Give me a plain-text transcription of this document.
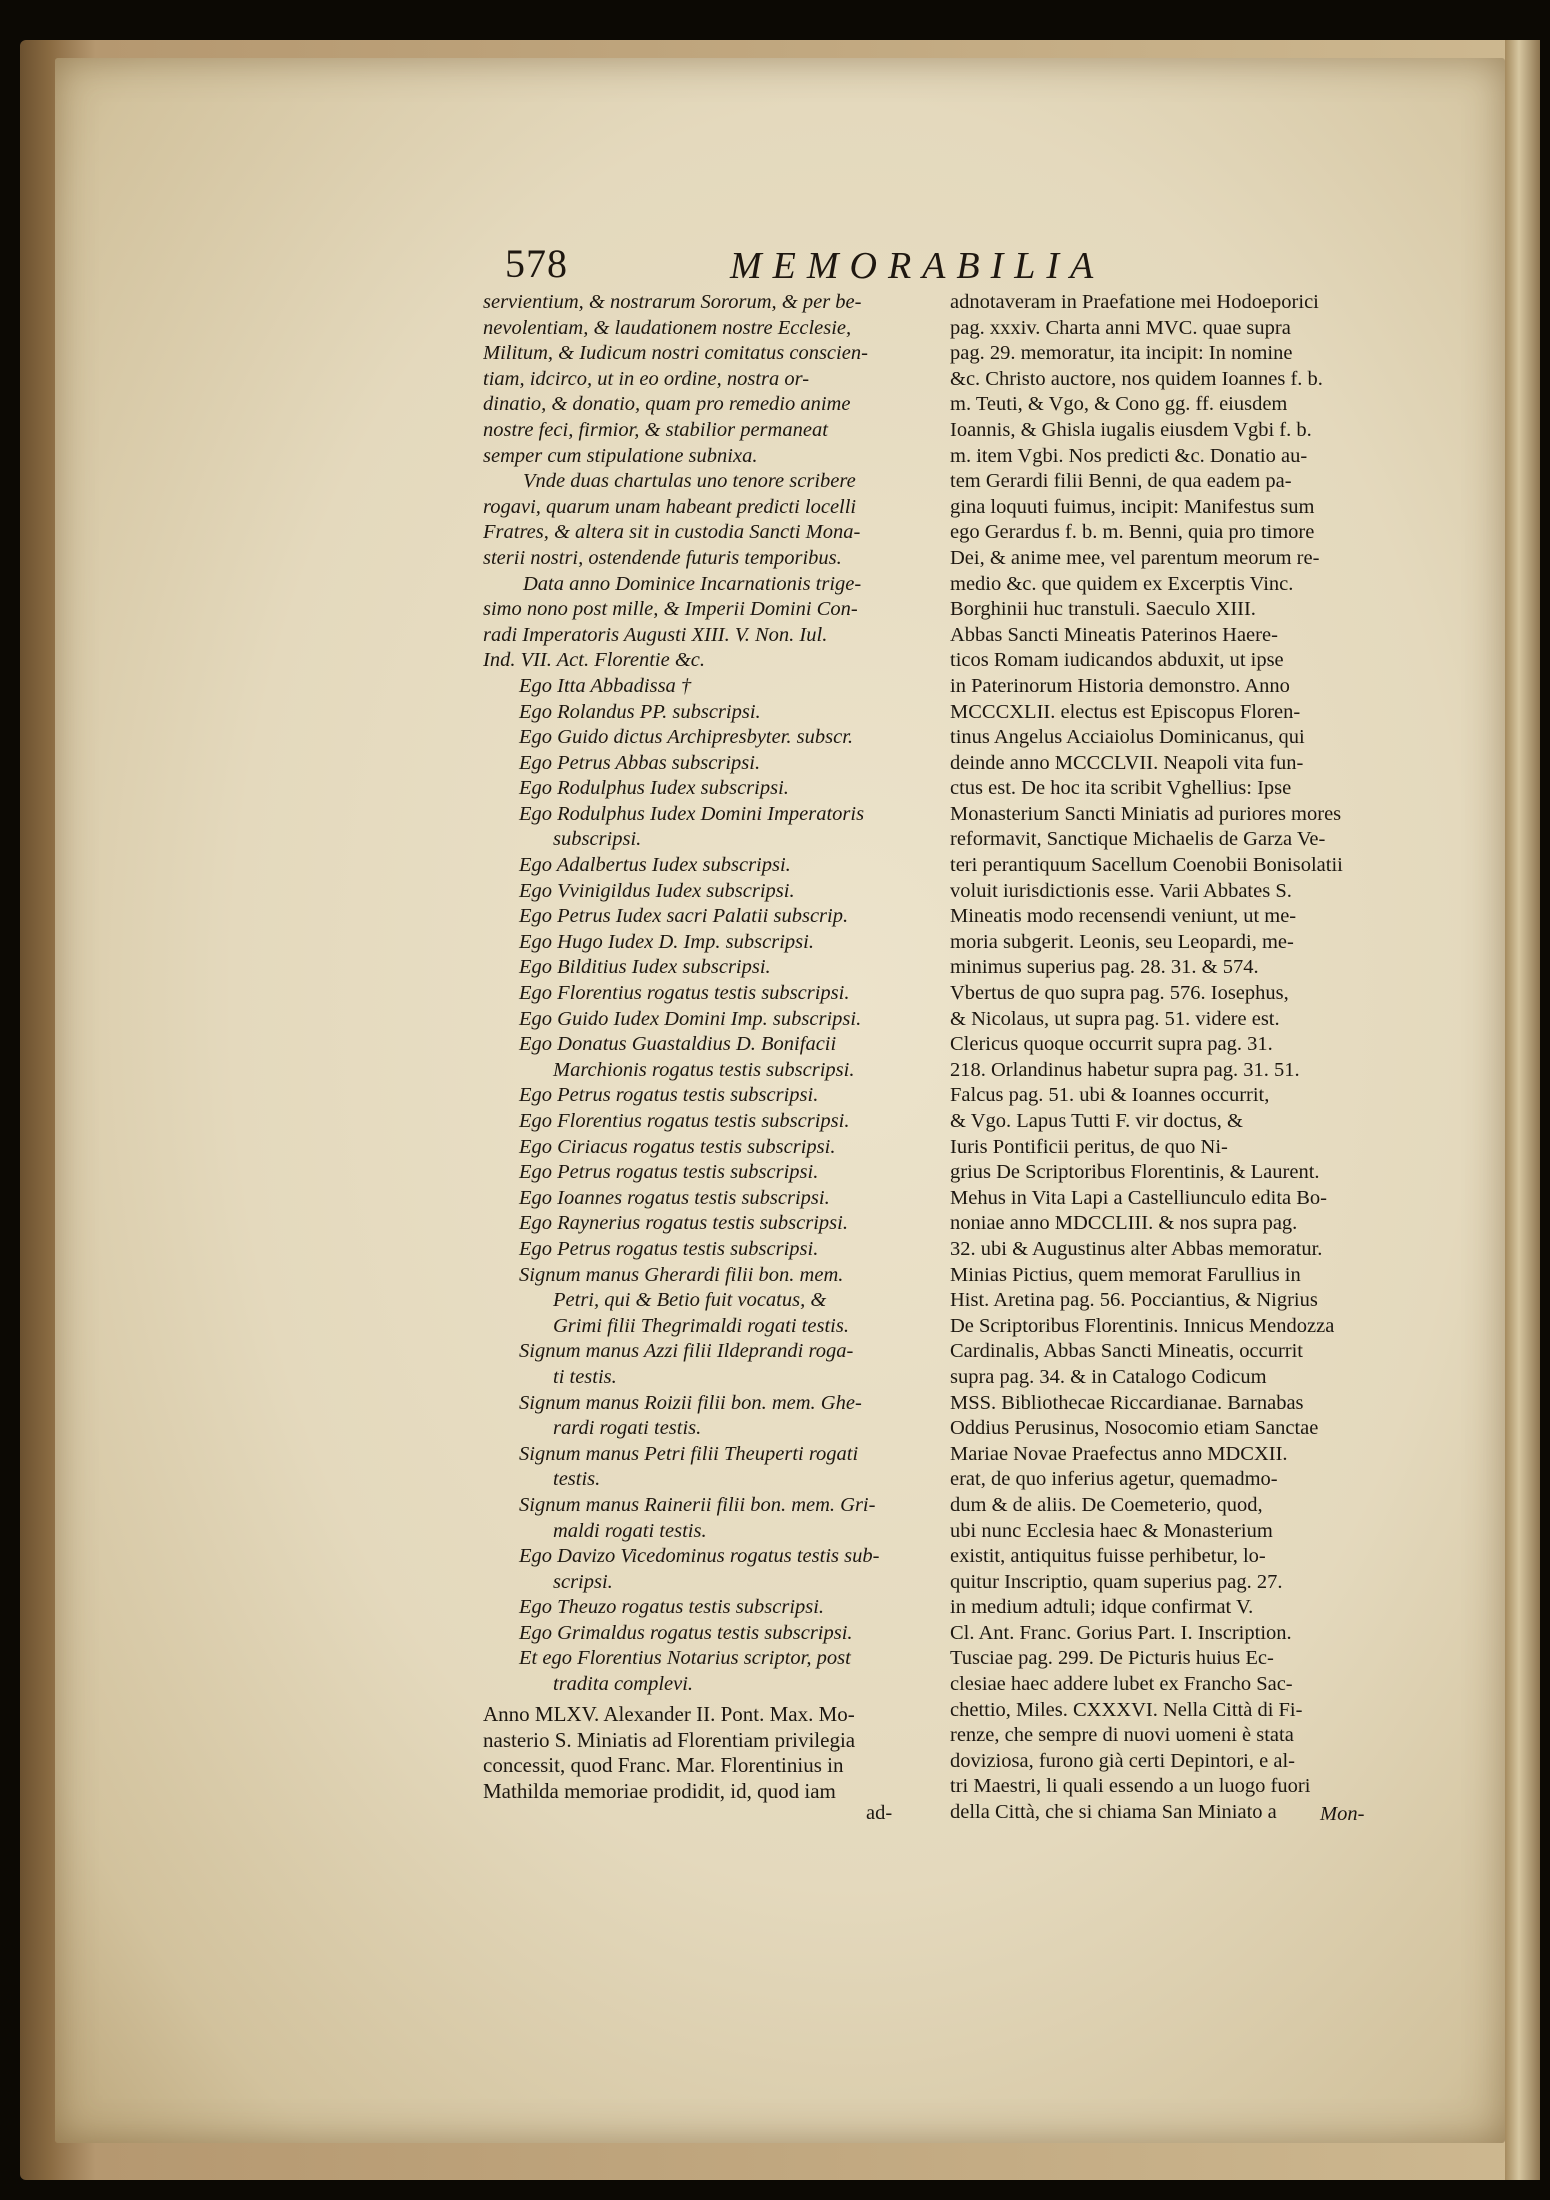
578	MEMORABILIA
servientium, & nostrarum Sororum, & per be-
nevolentiam, & laudationem nostre Ecclesie,
Militum, & Iudicum nostri comitatus conscien-
tiam, idcirco, ut in eo ordine, nostra or-
dinatio, & donatio, quam pro remedio anime
nostre feci, firmior, & stabilior permaneat
semper cum stipulatione subnixa.
Vnde duas chartulas uno tenore scribere
rogavi, quarum unam habeant predicti locelli
Fratres, & altera sit in custodia Sancti Mona-
sterii nostri, ostendende futuris temporibus.
Data anno Dominice Incarnationis trige-
simo nono post mille, & Imperii Domini Con-
radi Imperatoris Augusti XIII. V. Non. Iul.
Ind. VII. Act. Florentie &c.
Ego Itta Abbadissa †
Ego Rolandus PP. subscripsi.
Ego Guido dictus Archipresbyter. subscr.
Ego Petrus Abbas subscripsi.
Ego Rodulphus Iudex subscripsi.
Ego Rodulphus Iudex Domini Imperatoris
subscripsi.
Ego Adalbertus Iudex subscripsi.
Ego Vvinigildus Iudex subscripsi.
Ego Petrus Iudex sacri Palatii subscrip.
Ego Hugo Iudex D. Imp. subscripsi.
Ego Bilditius Iudex subscripsi.
Ego Florentius rogatus testis subscripsi.
Ego Guido Iudex Domini Imp. subscripsi.
Ego Donatus Guastaldius D. Bonifacii
Marchionis rogatus testis subscripsi.
Ego Petrus rogatus testis subscripsi.
Ego Florentius rogatus testis subscripsi.
Ego Ciriacus rogatus testis subscripsi.
Ego Petrus rogatus testis subscripsi.
Ego Ioannes rogatus testis subscripsi.
Ego Raynerius rogatus testis subscripsi.
Ego Petrus rogatus testis subscripsi.
Signum manus Gherardi filii bon. mem.
Petri, qui & Betio fuit vocatus, &
Grimi filii Thegrimaldi rogati testis.
Signum manus Azzi filii Ildeprandi roga-
ti testis.
Signum manus Roizii filii bon. mem. Ghe-
rardi rogati testis.
Signum manus Petri filii Theuperti rogati
testis.
Signum manus Rainerii filii bon. mem. Gri-
maldi rogati testis.
Ego Davizo Vicedominus rogatus testis sub-
scripsi.
Ego Theuzo rogatus testis subscripsi.
Ego Grimaldus rogatus testis subscripsi.
Et ego Florentius Notarius scriptor, post
tradita complevi.
Anno MLXV. Alexander II. Pont. Max. Mo-
nasterio S. Miniatis ad Florentiam privilegia
concessit, quod Franc. Mar. Florentinius in
Mathilda memoriae prodidit, id, quod iam
ad-
adnotaveram in Praefatione mei Hodoeporici
pag. xxxiv. Charta anni MVC. quae supra
pag. 29. memoratur, ita incipit: In nomine
&c. Christo auctore, nos quidem Ioannes f. b.
m. Teuti, & Vgo, & Cono gg. ff. eiusdem
Ioannis, & Ghisla iugalis eiusdem Vgbi f. b.
m. item Vgbi. Nos predicti &c. Donatio au-
tem Gerardi filii Benni, de qua eadem pa-
gina loquuti fuimus, incipit: Manifestus sum
ego Gerardus f. b. m. Benni, quia pro timore
Dei, & anime mee, vel parentum meorum re-
medio &c. que quidem ex Excerptis Vinc.
Borghinii huc transtuli. Saeculo XIII.
Abbas Sancti Mineatis Paterinos Haere-
ticos Romam iudicandos abduxit, ut ipse
in Paterinorum Historia demonstro. Anno
MCCCXLII. electus est Episcopus Floren-
tinus Angelus Acciaiolus Dominicanus, qui
deinde anno MCCCLVII. Neapoli vita fun-
ctus est. De hoc ita scribit Vghellius: Ipse
Monasterium Sancti Miniatis ad puriores mores
reformavit, Sanctique Michaelis de Garza Ve-
teri perantiquum Sacellum Coenobii Bonisolatii
voluit iurisdictionis esse. Varii Abbates S.
Mineatis modo recensendi veniunt, ut me-
moria subgerit. Leonis, seu Leopardi, me-
minimus superius pag. 28. 31. & 574.
Vbertus de quo supra pag. 576. Iosephus,
& Nicolaus, ut supra pag. 51. videre est.
Clericus quoque occurrit supra pag. 31.
218. Orlandinus habetur supra pag. 31. 51.
Falcus pag. 51. ubi & Ioannes occurrit,
& Vgo. Lapus Tutti F. vir doctus, &
Iuris Pontificii peritus, de quo Ni-
grius De Scriptoribus Florentinis, & Laurent.
Mehus in Vita Lapi a Castelliunculo edita Bo-
noniae anno MDCCLIII. & nos supra pag.
32. ubi & Augustinus alter Abbas memoratur.
Minias Pictius, quem memorat Farullius in
Hist. Aretina pag. 56. Pocciantius, & Nigrius
De Scriptoribus Florentinis. Innicus Mendozza
Cardinalis, Abbas Sancti Mineatis, occurrit
supra pag. 34. & in Catalogo Codicum
MSS. Bibliothecae Riccardianae. Barnabas
Oddius Perusinus, Nosocomio etiam Sanctae
Mariae Novae Praefectus anno MDCXII.
erat, de quo inferius agetur, quemadmo-
dum & de aliis. De Coemeterio, quod,
ubi nunc Ecclesia haec & Monasterium
existit, antiquitus fuisse perhibetur, lo-
quitur Inscriptio, quam superius pag. 27.
in medium adtuli; idque confirmat V.
Cl. Ant. Franc. Gorius Part. I. Inscription.
Tusciae pag. 299. De Picturis huius Ec-
clesiae haec addere lubet ex Francho Sac-
chettio, Miles. CXXXVI. Nella Città di Fi-
renze, che sempre di nuovi uomeni è stata
doviziosa, furono già certi Depintori, e al-
tri Maestri, li quali essendo a un luogo fuori
della Città, che si chiama San Miniato a	Mon-
